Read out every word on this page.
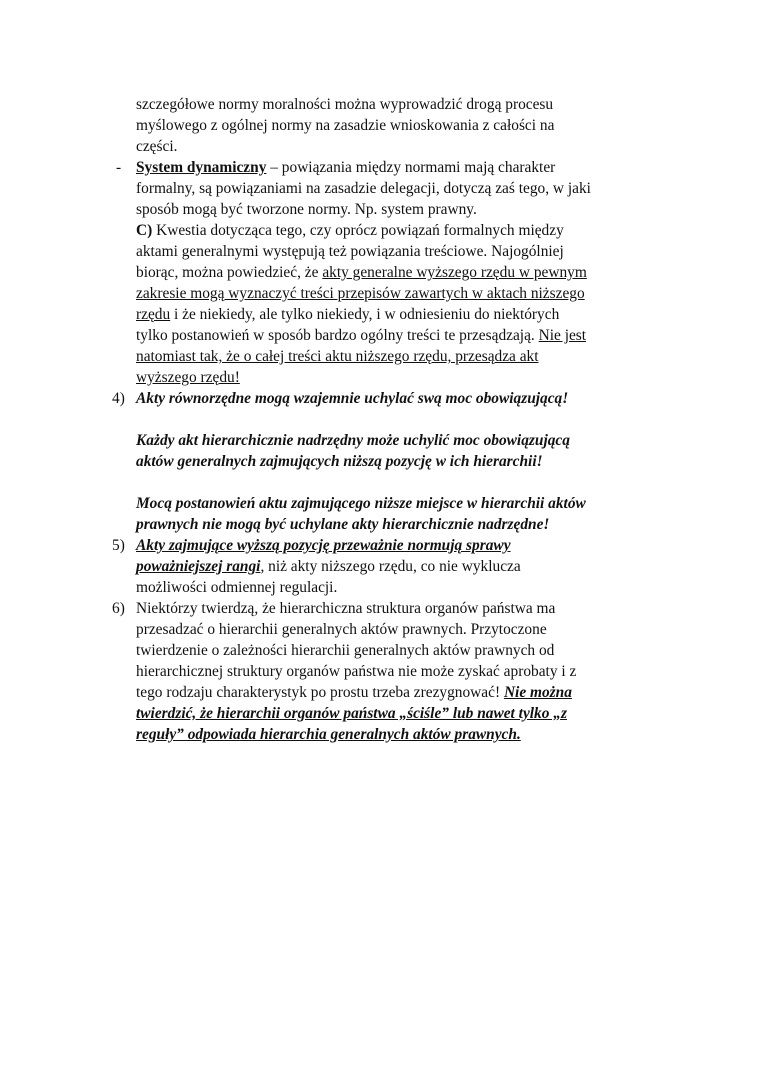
szczegółowe normy moralności można wyprowadzić drogą procesu
myślowego z ogólnej normy na zasadzie wnioskowania z całości na
części.
- System dynamiczny – powiązania między normami mają charakter
formalny, są powiązaniami na zasadzie delegacji, dotyczą zaś tego, w jaki
sposób mogą być tworzone normy. Np. system prawny.
C) Kwestia dotycząca tego, czy oprócz powiązań formalnych między
aktami generalnymi występują też powiązania treściowe. Najogólniej
biorąc, można powiedzieć, że akty generalne wyższego rzędu w pewnym
zakresie mogą wyznaczyć treści przepisów zawartych w aktach niższego
rzędu i że niekiedy, ale tylko niekiedy, i w odniesieniu do niektórych
tylko postanowień w sposób bardzo ogólny treści te przesądzają. Nie jest
natomiast tak, że o całej treści aktu niższego rzędu, przesądza akt
wyższego rzędu!
4) Akty równorzędne mogą wzajemnie uchylać swą moc obowiązującą!
Każdy akt hierarchicznie nadrzędny może uchylić moc obowiązującą
aktów generalnych zajmujących niższą pozycję w ich hierarchii!
Mocą postanowień aktu zajmującego niższe miejsce w hierarchii aktów
prawnych nie mogą być uchylane akty hierarchicznie nadrzędne!
5) Akty zajmujące wyższą pozycję przeważnie normują sprawy
poważniejszej rangi, niż akty niższego rzędu, co nie wyklucza
możliwości odmiennej regulacji.
6) Niektórzy twierdzą, że hierarchiczna struktura organów państwa ma
przesadzać o hierarchii generalnych aktów prawnych. Przytoczone
twierdzenie o zależności hierarchii generalnych aktów prawnych od
hierarchicznej struktury organów państwa nie może zyskać aprobaty i z
tego rodzaju charakterystyk po prostu trzeba zrezygnować! Nie można
twierdzić, że hierarchii organów państwa „ściśle” lub nawet tylko „z
reguły” odpowiada hierarchia generalnych aktów prawnych.
